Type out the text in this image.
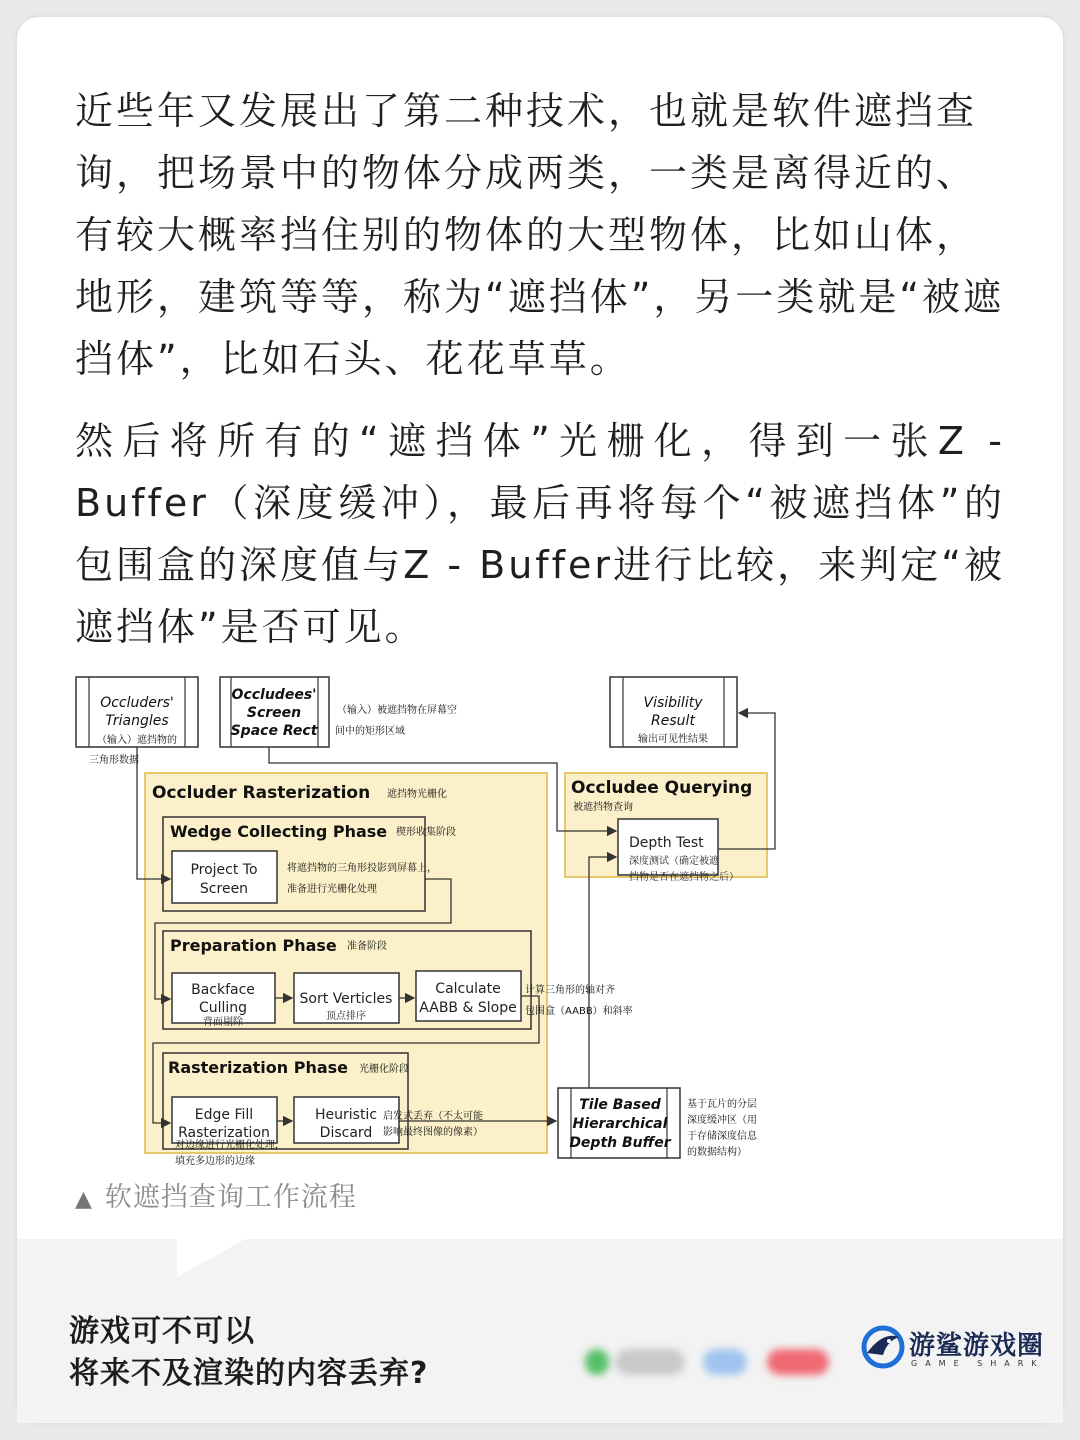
近些年又发展出了第二种技术，也就是软件遮挡查询，把场景中的物体分成两类，一类是离得近的、有较大概率挡住别的物体的大型物体，比如山体，地形，建筑等等，称为“遮挡体”，另一类就是“被遮挡体”，比如石头、花花草草。

然后将所有的“遮挡体”光栅化，得到一张Z - Buffer（深度缓冲），最后再将每个“被遮挡体”的包围盒的深度值与Z - Buffer进行比较，来判定“被遮挡体”是否可见。

Occluders'
Triangles
（输入）遮挡物的
三角形数据
Occludees'
Screen
Space Rect
（输入）被遮挡物在屏幕空
间中的矩形区域
Visibility
Result
输出可见性结果
Occluder Rasterization 遮挡物光栅化
Wedge Collecting Phase 楔形收集阶段
Project To
Screen
将遮挡物的三角形投影到屏幕上，
准备进行光栅化处理
Preparation Phase 准备阶段
Backface
Culling
背面剔除
Sort Verticles
顶点排序
Calculate
AABB & Slope
计算三角形的轴对齐
包围盒（AABB）和斜率
Rasterization Phase 光栅化阶段
Edge Fill
Rasterization
对边缘进行光栅化处理，
填充多边形的边缘
Heuristic
Discard
启发式丢弃（不太可能
影响最终图像的像素）
Occludee Querying
被遮挡物查询
Depth Test
深度测试（确定被遮
挡物是否在遮挡物之后）
Tile Based
Hierarchical
Depth Buffer
基于瓦片的分层
深度缓冲区（用
于存储深度信息
的数据结构）
▲ 软遮挡查询工作流程
游戏可不可以
将来不及渲染的内容丢弃?
游鲨游戏圈
GAME SHARK
